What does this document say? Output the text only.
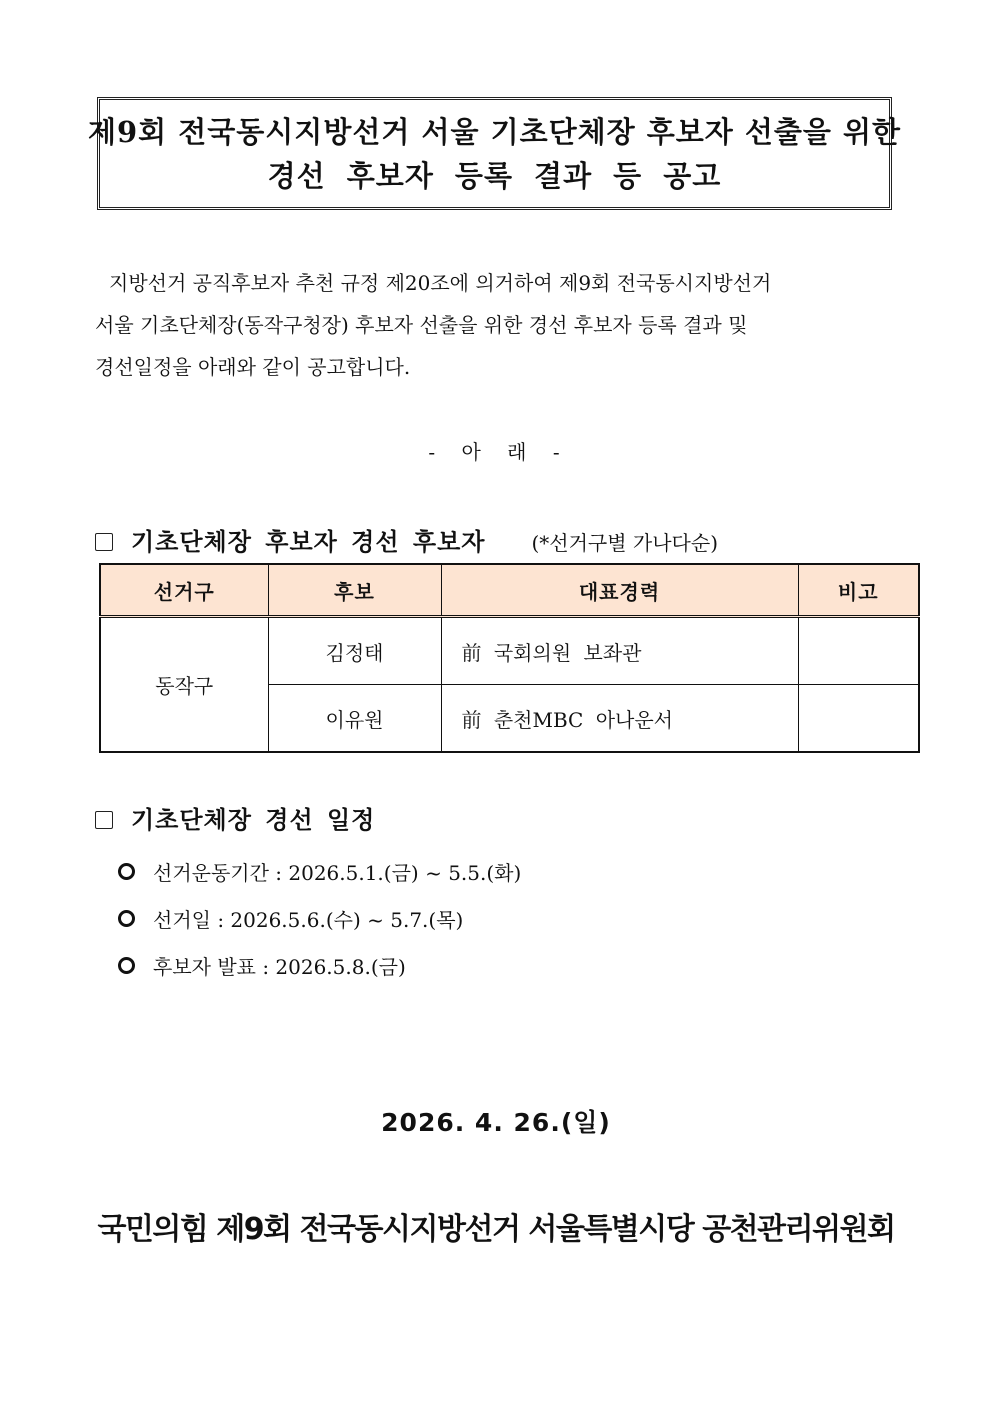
제9회 전국동시지방선거 서울 기초단체장 후보자 선출을 위한
경선 후보자 등록 결과 등 공고
지방선거 공직후보자 추천 규정 제20조에 의거하여 제9회 전국동시지방선거
서울 기초단체장(동작구청장) 후보자 선출을 위한 경선 후보자 등록 결과 및
경선일정을 아래와 같이 공고합니다.
- 아 래 -
기초단체장 후보자 경선 후보자 (*선거구별 가나다순)
선거구	후보	대표경력	비고
동작구	김정태	前 국회의원 보좌관	
	이유원	前 춘천MBC 아나운서	
기초단체장 경선 일정
선거운동기간 : 2026.5.1.(금) ~ 5.5.(화)
선거일 : 2026.5.6.(수) ~ 5.7.(목)
후보자 발표 : 2026.5.8.(금)
2026. 4. 26.(일)
국민의힘 제9회 전국동시지방선거 서울특별시당 공천관리위원회
